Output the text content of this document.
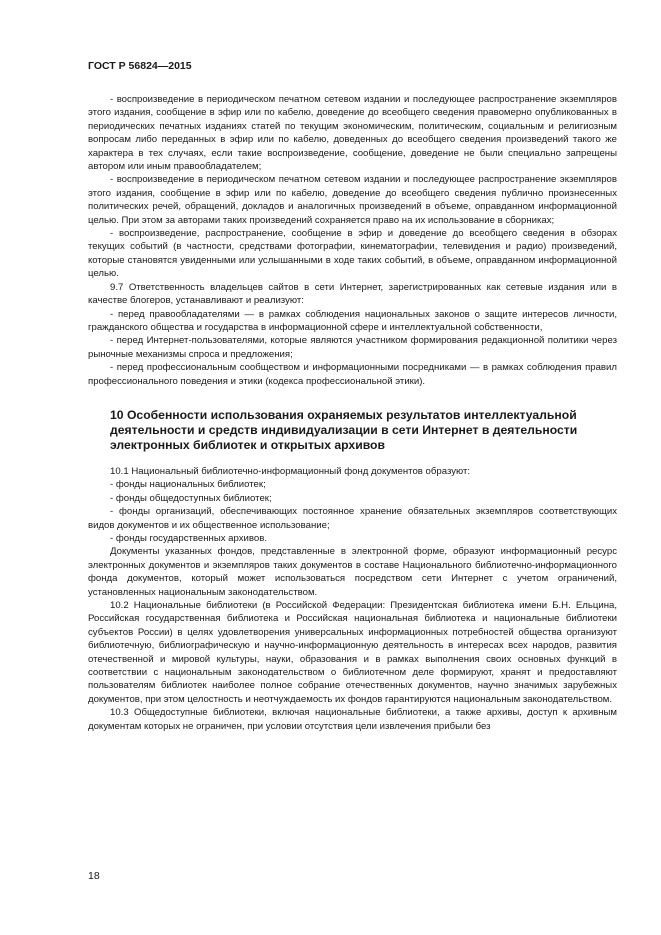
ГОСТ Р 56824—2015

- воспроизведение в периодическом печатном сетевом издании и последующее распространение экземпляров этого издания, сообщение в эфир или по кабелю, доведение до всеобщего сведения правомерно опубликованных в периодических печатных изданиях статей по текущим экономическим, политическим, социальным и религиозным вопросам либо переданных в эфир или по кабелю, доведенных до всеобщего сведения произведений такого же характера в тех случаях, если такие воспроизведение, сообщение, доведение не были специально запрещены автором или иным правообладателем;

- воспроизведение в периодическом печатном сетевом издании и последующее распространение экземпляров этого издания, сообщение в эфир или по кабелю, доведение до всеобщего сведения публично произнесенных политических речей, обращений, докладов и аналогичных произведений в объеме, оправданном информационной целью. При этом за авторами таких произведений сохраняется право на их использование в сборниках;

- воспроизведение, распространение, сообщение в эфир и доведение до всеобщего сведения в обзорах текущих событий (в частности, средствами фотографии, кинематографии, телевидения и радио) произведений, которые становятся увиденными или услышанными в ходе таких событий, в объеме, оправданном информационной целью.

9.7 Ответственность владельцев сайтов в сети Интернет, зарегистрированных как сетевые издания или в качестве блогеров, устанавливают и реализуют:

- перед правообладателями — в рамках соблюдения национальных законов о защите интересов личности, гражданского общества и государства в информационной сфере и интеллектуальной собственности,

- перед Интернет-пользователями, которые являются участником формирования редакционной политики через рыночные механизмы спроса и предложения;

- перед профессиональным сообществом и информационными посредниками — в рамках соблюдения правил профессионального поведения и этики (кодекса профессиональной этики).

10 Особенности использования охраняемых результатов интеллектуальной деятельности и средств индивидуализации в сети Интернет в деятельности электронных библиотек и открытых архивов

10.1 Национальный библиотечно-информационный фонд документов образуют:

- фонды национальных библиотек;

- фонды общедоступных библиотек;

- фонды организаций, обеспечивающих постоянное хранение обязательных экземпляров соответствующих видов документов и их общественное использование;

- фонды государственных архивов.

Документы указанных фондов, представленные в электронной форме, образуют информационный ресурс электронных документов и экземпляров таких документов в составе Национального библиотечно-информационного фонда документов, который может использоваться посредством сети Интернет с учетом ограничений, установленных национальным законодательством.

10.2 Национальные библиотеки (в Российской Федерации: Президентская библиотека имени Б.Н. Ельцина, Российская государственная библиотека и Российская национальная библиотека и национальные библиотеки субъектов России) в целях удовлетворения универсальных информационных потребностей общества организуют библиотечную, библиографическую и научно-информационную деятельность в интересах всех народов, развития отечественной и мировой культуры, науки, образования и в рамках выполнения своих основных функций в соответствии с национальным законодательством о библиотечном деле формируют, хранят и предоставляют пользователям библиотек наиболее полное собрание отечественных документов, научно значимых зарубежных документов, при этом целостность и неотчуждаемость их фондов гарантируются национальным законодательством.

10.3 Общедоступные библиотеки, включая национальные библиотеки, а также архивы, доступ к архивным документам которых не ограничен, при условии отсутствия цели извлечения прибыли без

18
